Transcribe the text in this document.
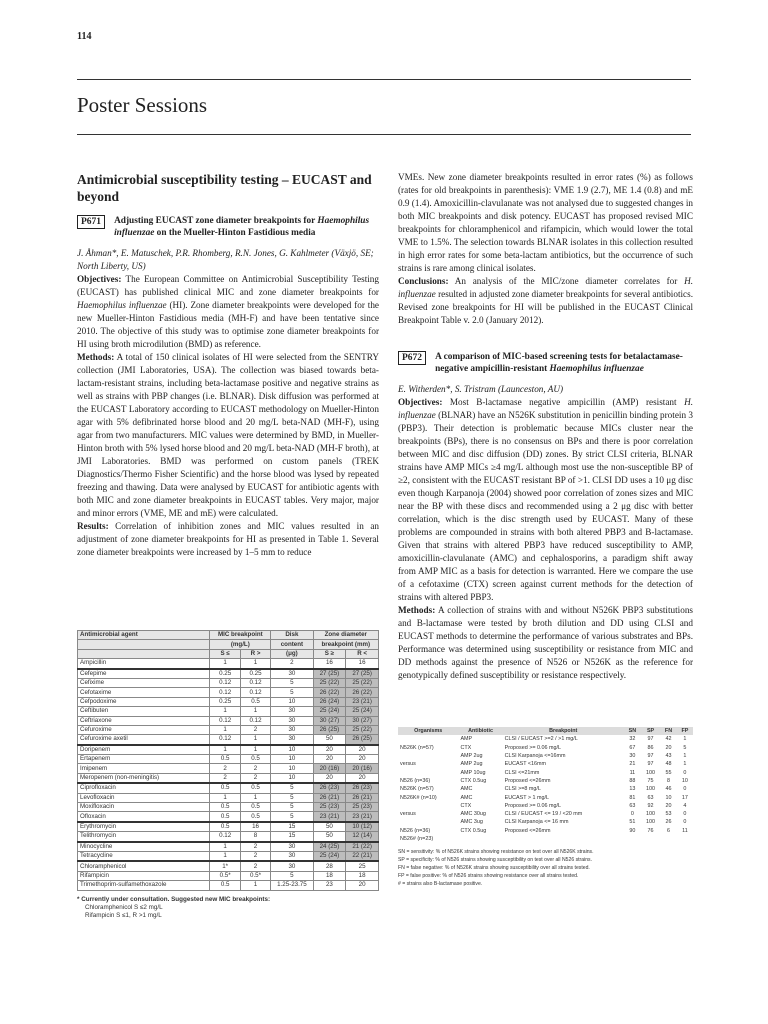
114
Poster Sessions
Antimicrobial susceptibility testing – EUCAST and beyond
P671	Adjusting EUCAST zone diameter breakpoints for Haemophilus influenzae on the Mueller-Hinton Fastidious media

J. Åhman*, E. Matuschek, P.R. Rhomberg, R.N. Jones, G. Kahlmeter (Växjö, SE; North Liberty, US)

Objectives: The European Committee on Antimicrobial Susceptibility Testing (EUCAST) has published clinical MIC and zone diameter breakpoints for Haemophilus influenzae (HI). Zone diameter breakpoints were developed for the new Mueller-Hinton Fastidious media (MH-F) and have been tentative since 2010. The objective of this study was to optimise zone diameter breakpoints for HI using broth microdilution (BMD) as reference.

Methods: A total of 150 clinical isolates of HI were selected from the SENTRY collection (JMI Laboratories, USA). The collection was biased towards beta-lactam-resistant strains, including beta-lactamase positive and negative strains as well as strains with PBP changes (i.e. BLNAR). Disk diffusion was performed at the EUCAST Laboratory according to EUCAST methodology on Mueller-Hinton agar with 5% defibrinated horse blood and 20 mg/L beta-NAD (MH-F), using agar from two manufacturers. MIC values were determined by BMD, in Mueller-Hinton broth with 5% lysed horse blood and 20 mg/L beta-NAD (MH-F broth), at JMI Laboratories. BMD was performed on custom panels (TREK Diagnostics/Thermo Fisher Scientific) and the horse blood was lysed by repeated freezing and thawing. Data were analysed by EUCAST for antibiotic agents with both MIC and zone diameter breakpoints in EUCAST tables. Very major, major and minor errors (VME, ME and mE) were calculated.

Results: Correlation of inhibition zones and MIC values resulted in an adjustment of zone diameter breakpoints for HI as presented in Table 1. Several zone diameter breakpoints were increased by 1–5 mm to reduce

Antimicrobial agent	MIC breakpoint		Disk	Zone diameter	
	(mg/L)		content	breakpoint (mm)	
	S ≤	R >	(μg)	S ≥	R <
Ampicillin	1	1	2	16	16
Cefepime	0.25	0.25	30	27 (25)	27 (25)
Cefixime	0.12	0.12	5	25 (22)	25 (22)
Cefotaxime	0.12	0.12	5	26 (22)	26 (22)
Cefpodoxime	0.25	0.5	10	26 (24)	23 (21)
Ceftibuten	1	1	30	25 (24)	25 (24)
Ceftriaxone	0.12	0.12	30	30 (27)	30 (27)
Cefuroxime	1	2	30	26 (25)	25 (22)
Cefuroxime axetil	0.12	1	30	50	26 (25)
Doripenem	1	1	10	20	20
Ertapenem	0.5	0.5	10	20	20
Imipenem	2	2	10	20 (16)	20 (16)
Meropenem (non-meningitis)	2	2	10	20	20
Ciprofloxacin	0.5	0.5	5	26 (23)	26 (23)
Levofloxacin	1	1	5	26 (21)	26 (21)
Moxifloxacin	0.5	0.5	5	25 (23)	25 (23)
Ofloxacin	0.5	0.5	5	23 (21)	23 (21)
Erythromycin	0.5	16	15	50	10 (12)
Telithromycin	0.12	8	15	50	12 (14)
Minocycline	1	2	30	24 (25)	21 (22)
Tetracycline	1	2	30	25 (24)	22 (21)
Chloramphenicol	1*	2	30	28	25
Rifampicin	0.5*	0.5*	5	18	18
Trimethoprim-sulfamethoxazole	0.5	1	1.25-23.75	23	20
* Currently under consultation. Suggested new MIC breakpoints:
Chloramphenicol S ≤2 mg/L
Rifampicin S ≤1, R >1 mg/L

VMEs. New zone diameter breakpoints resulted in error rates (%) as follows (rates for old breakpoints in parenthesis): VME 1.9 (2.7), ME 1.4 (0.8) and mE 0.9 (1.4). Amoxicillin-clavulanate was not analysed due to suggested changes in both MIC breakpoints and disk potency. EUCAST has proposed revised MIC breakpoints for chloramphenicol and rifampicin, which would lower the total VME to 1.5%. The selection towards BLNAR isolates in this collection resulted in high error rates for some beta-lactam antibiotics, but the occurrence of such strains is rare among clinical isolates.

Conclusions: An analysis of the MIC/zone diameter correlates for H. influenzae resulted in adjusted zone diameter breakpoints for several antibiotics. Revised zone breakpoints for HI will be published in the EUCAST Clinical Breakpoint Table v. 2.0 (January 2012).

P672	A comparison of MIC-based screening tests for betalactamase-negative ampicillin-resistant Haemophilus influenzae

E. Witherden*, S. Tristram (Launceston, AU)

Objectives: Most B-lactamase negative ampicillin (AMP) resistant H. influenzae (BLNAR) have an N526K substitution in penicillin binding protein 3 (PBP3). Their detection is problematic because MICs cluster near the breakpoints (BPs), there is no consensus on BPs and there is poor correlation between MIC and disc diffusion (DD) zones. By strict CLSI criteria, BLNAR strains have AMP MICs ≥4 mg/L although most use the non-susceptible BP of ≥2, consistent with the EUCAST resistant BP of >1. CLSI DD uses a 10 μg disc even though Karpanoja (2004) showed poor correlation of zones sizes and MIC near the BP with these discs and recommended using a 2 μg disc with better correlation, which is the disc strength used by EUCAST. Many of these problems are compounded in strains with both altered PBP3 and B-lactamase. Given that strains with altered PBP3 have reduced susceptibility to AMP, amoxicillin-clavulanate (AMC) and cephalosporins, a paradigm shift away from AMP MIC as a basis for detection is warranted. Here we compare the use of a cefotaxime (CTX) screen against current methods for the detection of strains with altered PBP3.

Methods: A collection of strains with and without N526K PBP3 substitutions and B-lactamase were tested by broth dilution and DD using CLSI and EUCAST methods to determine the performance of various substrates and BPs. Performance was determined using susceptibility or resistance from MIC and DD methods against the presence of N526 or N526K as the reference for genotypically defined susceptibility or resistance respectively.

Organisms	Antibiotic	Breakpoint	SN	SP	FN	FP
	AMP	CLSI / EUCAST >=2 / >1 mg/L	32	97	42	1
N526K (n=57)	CTX	Proposed >= 0.06 mg/L	67	86	20	5
	AMP 2ug	CLSI Karpanoja <=16mm	30	97	43	1
versus	AMP 2ug	EUCAST <16mm	21	97	48	1
	AMP 10ug	CLSI <=21mm	11	100	55	0
N526 (n=36)	CTX 0.5ug	Proposed <=26mm	88	75	8	10
N526K (n=57)	AMC	CLSI >=8 mg/L	13	100	46	0
N526K# (n=10)	AMC	EUCAST > 1 mg/L	81	63	10	17
	CTX	Proposed >= 0.06 mg/L	63	92	20	4
versus	AMC 30ug	CLSI / EUCAST <= 19 / <20 mm	0	100	53	0
	AMC 3ug	CLSI Karpanoja <= 16 mm	51	100	26	0
N526 (n=36)	CTX 0.5ug	Proposed <=26mm	90	76	6	11
N526# (n=23)						
SN = sensitivity: % of N526K strains showing resistance on test over all N526K strains.
SP = specificity: % of N526 strains showing susceptibility on test over all N526 strains.
FN = false negative: % of N526K strains showing susceptibility over all strains tested.
FP = false positive: % of N526 strains showing resistance over all strains tested.
# = strains also B-lactamase positive.
